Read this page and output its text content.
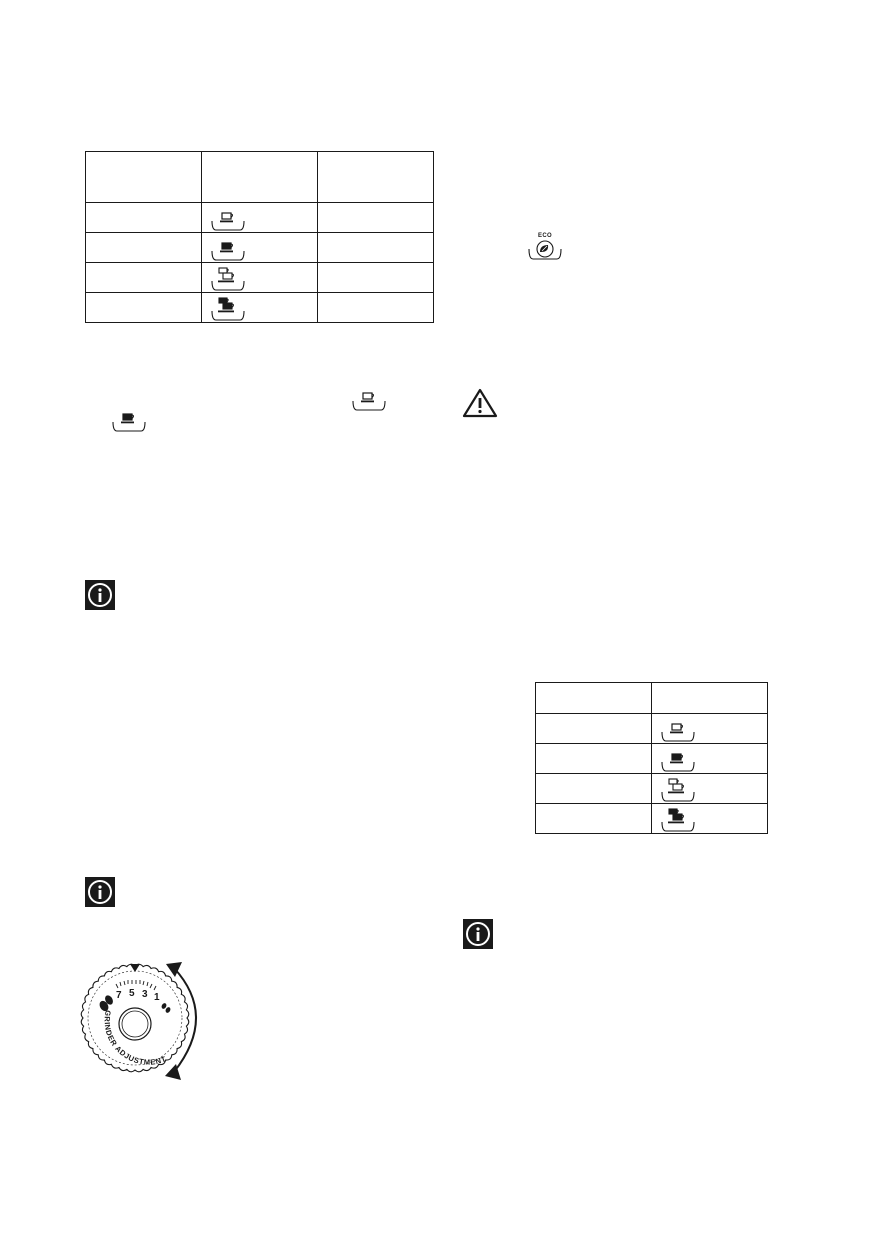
ECO

7 5 3 1
GRINDER ADJUSTMENT
